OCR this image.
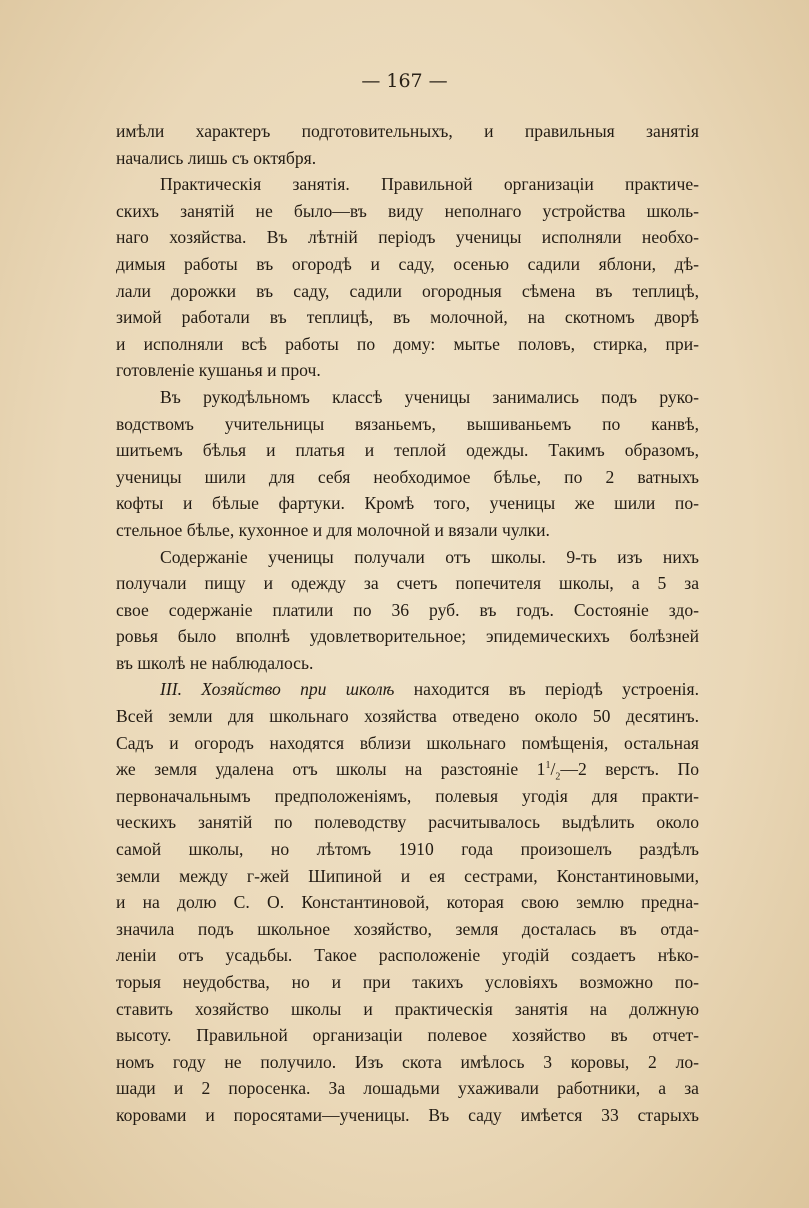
— 167 —
имѣли характеръ подготовительныхъ, и правильныя занятія
начались лишь съ октября.
Практическія занятія. Правильной организаціи практиче-
скихъ занятій не было—въ виду неполнаго устройства школь-
наго хозяйства. Въ лѣтній періодъ ученицы исполняли необхо-
димыя работы въ огородѣ и саду, осенью садили яблони, дѣ-
лали дорожки въ саду, садили огородныя сѣмена въ теплицѣ,
зимой работали въ теплицѣ, въ молочной, на скотномъ дворѣ
и исполняли всѣ работы по дому: мытье половъ, стирка, при-
готовленіе кушанья и проч.
Въ рукодѣльномъ классѣ ученицы занимались подъ руко-
водствомъ учительницы вязаньемъ, вышиваньемъ по канвѣ,
шитьемъ бѣлья и платья и теплой одежды. Такимъ образомъ,
ученицы шили для себя необходимое бѣлье, по 2 ватныхъ
кофты и бѣлые фартуки. Кромѣ того, ученицы же шили по-
стельное бѣлье, кухонное и для молочной и вязали чулки.
Содержаніе ученицы получали отъ школы. 9-ть изъ нихъ
получали пищу и одежду за счетъ попечителя школы, а 5 за
свое содержаніе платили по 36 руб. въ годъ. Состояніе здо-
ровья было вполнѣ удовлетворительное; эпидемическихъ болѣзней
въ школѣ не наблюдалось.
III. Хозяйство при школѣ находится въ періодѣ устроенія.
Всей земли для школьнаго хозяйства отведено около 50 десятинъ.
Садъ и огородъ находятся вблизи школьнаго помѣщенія, остальная
же земля удалена отъ школы на разстояніе $1^1/_2—2$ верстъ. По
первоначальнымъ предположеніямъ, полевыя угодія для практи-
ческихъ занятій по полеводству расчитывалось выдѣлить около
самой школы, но лѣтомъ 1910 года произошелъ раздѣлъ
земли между г-жей Шипиной и ея сестрами, Константиновыми,
и на долю С. О. Константиновой, которая свою землю предна-
значила подъ школьное хозяйство, земля досталась въ отда-
леніи отъ усадьбы. Такое расположеніе угодій создаетъ нѣко-
торыя неудобства, но и при такихъ условіяхъ возможно по-
ставить хозяйство школы и практическія занятія на должную
высоту. Правильной организаціи полевое хозяйство въ отчет-
номъ году не получило. Изъ скота имѣлось 3 коровы, 2 ло-
шади и 2 поросенка. За лошадьми ухаживали работники, а за
коровами и поросятами—ученицы. Въ саду имѣется 33 старыхъ
